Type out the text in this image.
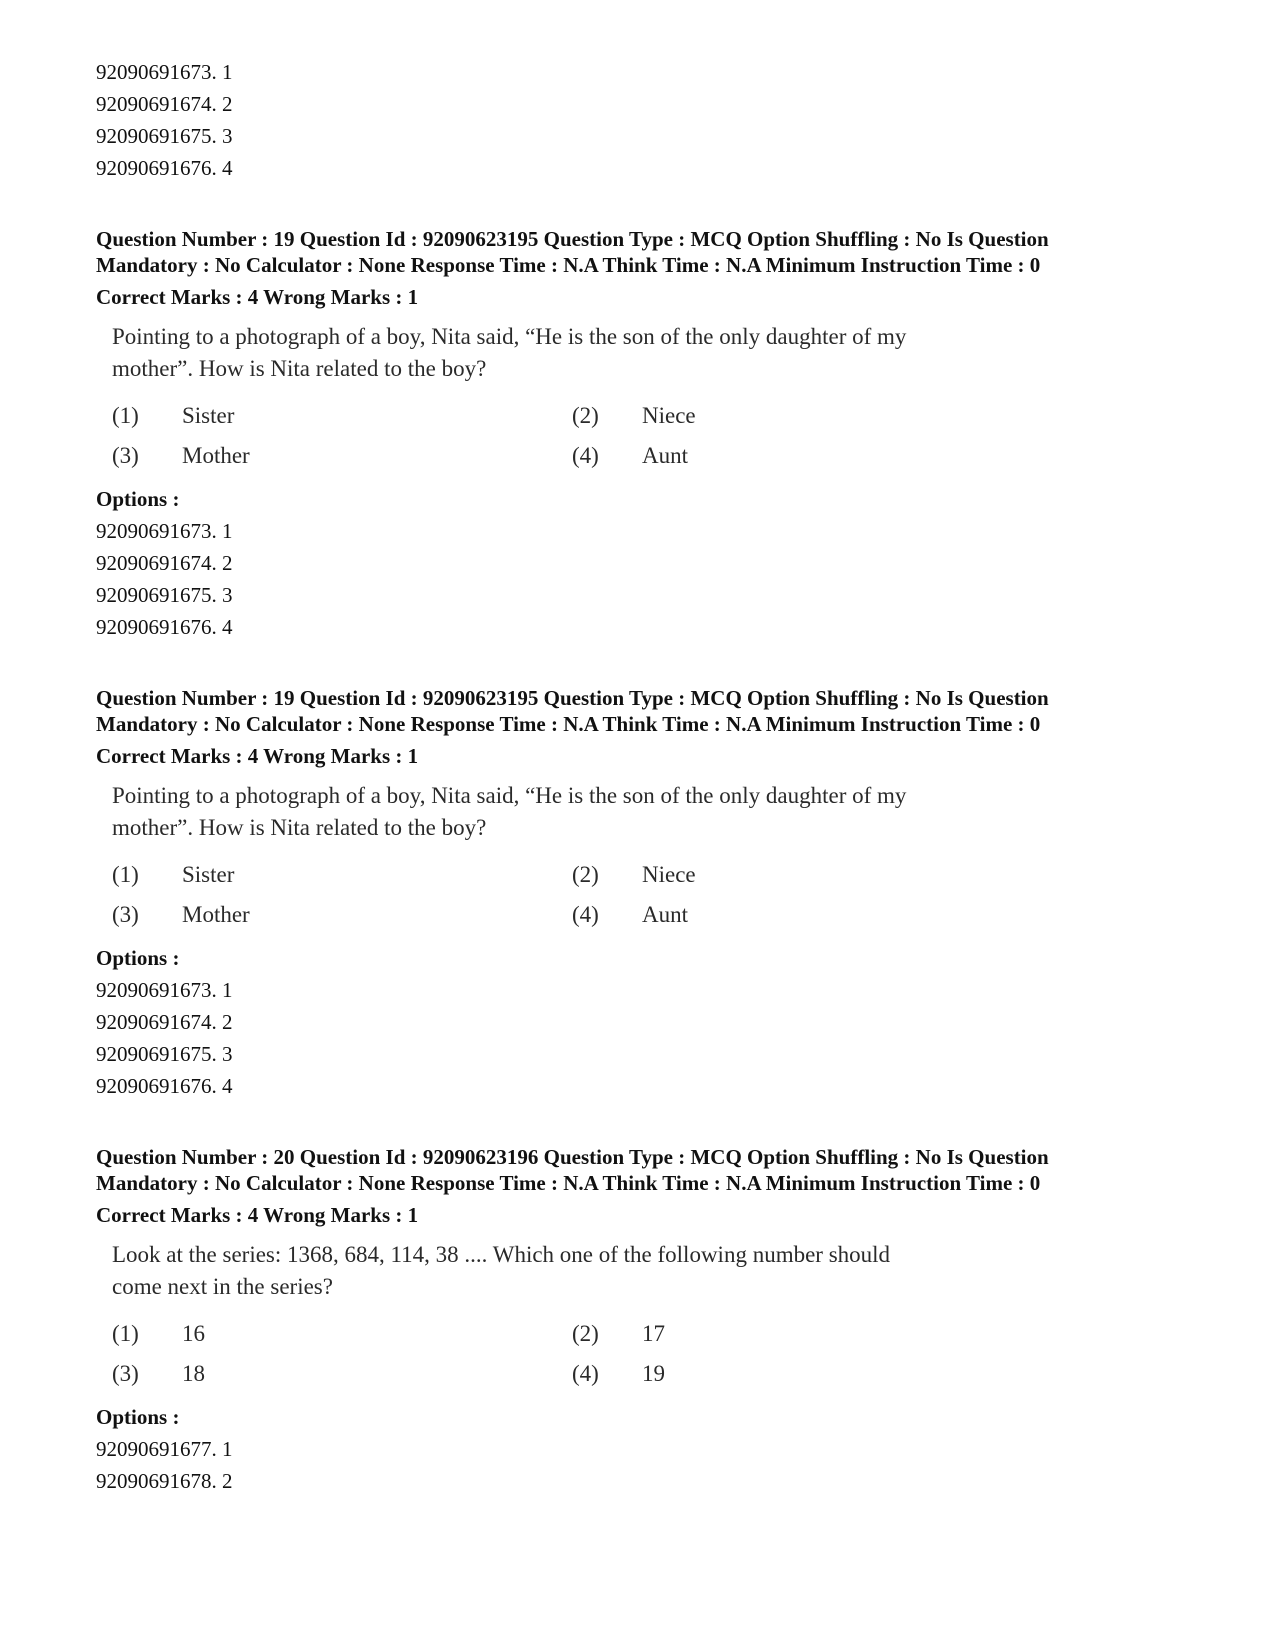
92090691673. 1
92090691674. 2
92090691675. 3
92090691676. 4
Question Number : 19 Question Id : 92090623195 Question Type : MCQ Option Shuffling : No Is Question
Mandatory : No Calculator : None Response Time : N.A Think Time : N.A Minimum Instruction Time : 0
Correct Marks : 4 Wrong Marks : 1
Pointing to a photograph of a boy, Nita said, “He is the son of the only daughter of my
mother”. How is Nita related to the boy?
(1)	Sister	(2)	Niece
(3)	Mother	(4)	Aunt
Options :
92090691673. 1
92090691674. 2
92090691675. 3
92090691676. 4
Question Number : 19 Question Id : 92090623195 Question Type : MCQ Option Shuffling : No Is Question
Mandatory : No Calculator : None Response Time : N.A Think Time : N.A Minimum Instruction Time : 0
Correct Marks : 4 Wrong Marks : 1
Pointing to a photograph of a boy, Nita said, “He is the son of the only daughter of my
mother”. How is Nita related to the boy?
(1)	Sister	(2)	Niece
(3)	Mother	(4)	Aunt
Options :
92090691673. 1
92090691674. 2
92090691675. 3
92090691676. 4
Question Number : 20 Question Id : 92090623196 Question Type : MCQ Option Shuffling : No Is Question
Mandatory : No Calculator : None Response Time : N.A Think Time : N.A Minimum Instruction Time : 0
Correct Marks : 4 Wrong Marks : 1
Look at the series: 1368, 684, 114, 38 .... Which one of the following number should
come next in the series?
(1)	16	(2)	17
(3)	18	(4)	19
Options :
92090691677. 1
92090691678. 2
